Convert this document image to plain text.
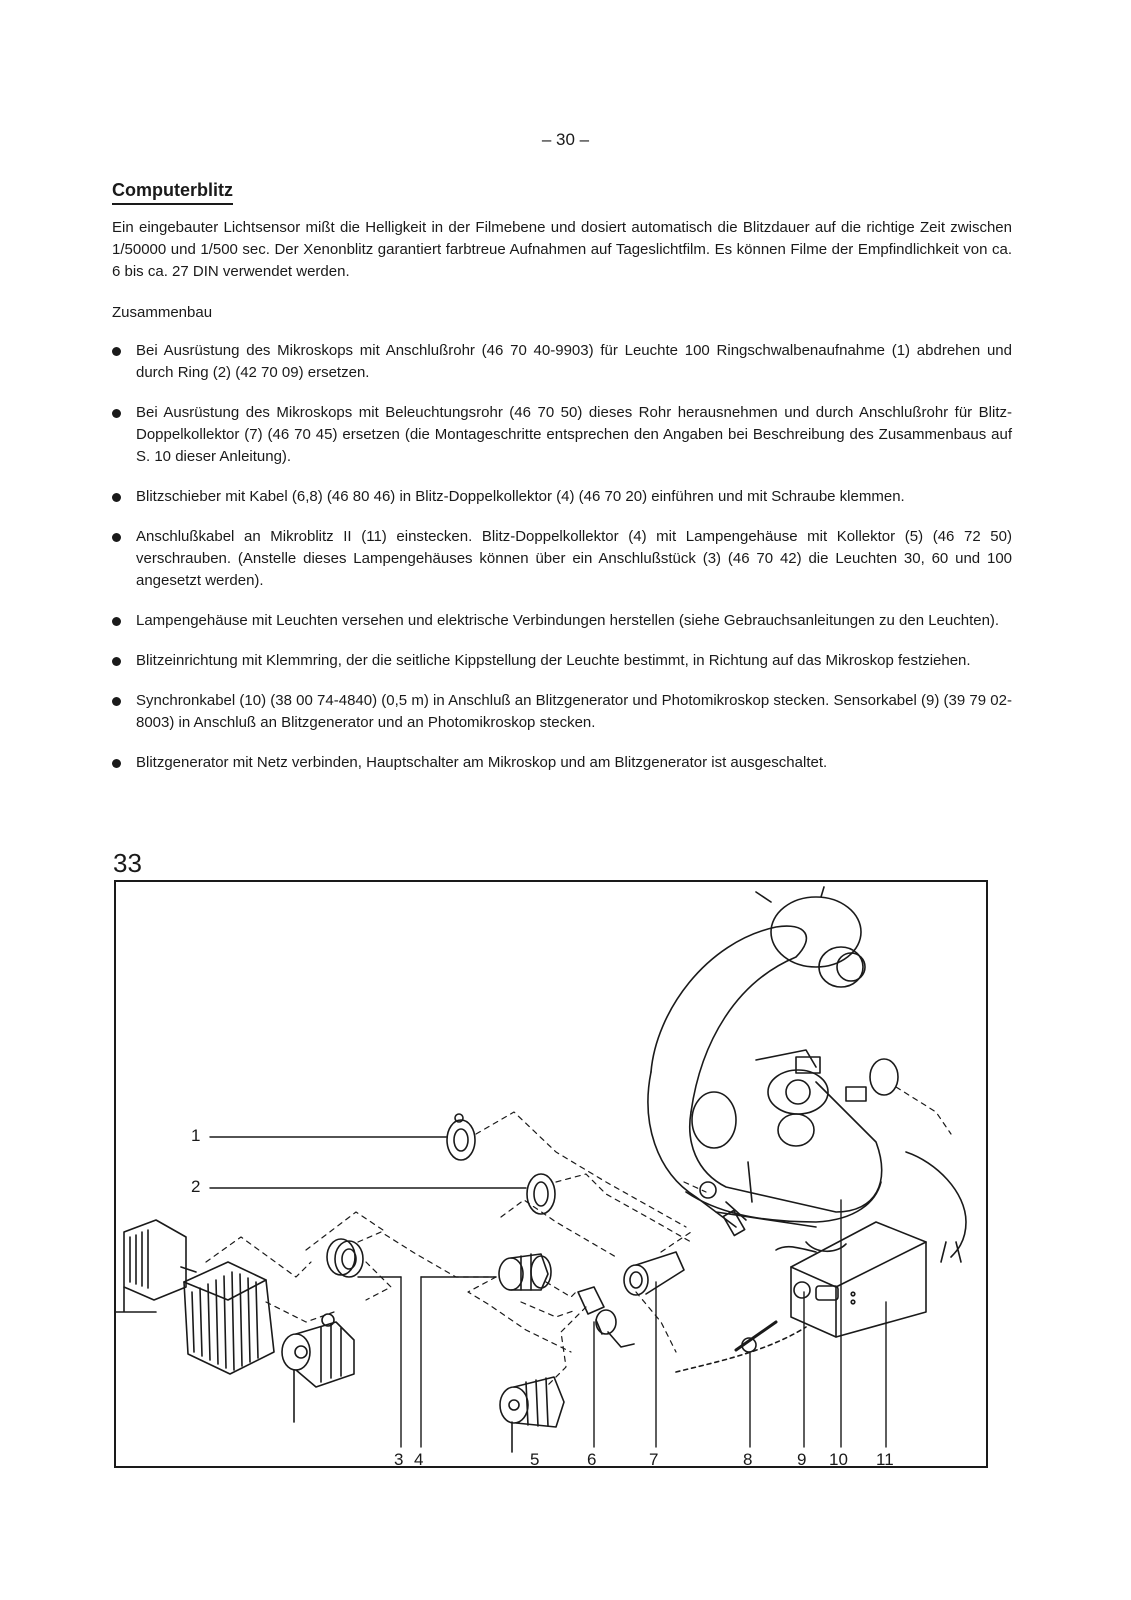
– 30 –
Computerblitz
Ein eingebauter Lichtsensor mißt die Helligkeit in der Filmebene und dosiert automatisch die Blitzdauer auf die richtige Zeit zwischen 1/50000 und 1/500 sec. Der Xenonblitz garantiert farbtreue Aufnahmen auf Tageslichtfilm. Es können Filme der Empfindlichkeit von ca. 6 bis ca. 27 DIN verwendet werden.
Zusammenbau
Bei Ausrüstung des Mikroskops mit Anschlußrohr (46 70 40-9903) für Leuchte 100 Ringschwalbenaufnahme (1) abdrehen und durch Ring (2) (42 70 09) ersetzen.
Bei Ausrüstung des Mikroskops mit Beleuchtungsrohr (46 70 50) dieses Rohr herausnehmen und durch Anschlußrohr für Blitz-Doppelkollektor (7) (46 70 45) ersetzen (die Montageschritte entsprechen den Angaben bei Beschreibung des Zusammenbaus auf S. 10 dieser Anleitung).
Blitzschieber mit Kabel (6,8) (46 80 46) in Blitz-Doppelkollektor (4) (46 70 20) einführen und mit Schraube klemmen.
Anschlußkabel an Mikroblitz II (11) einstecken. Blitz-Doppelkollektor (4) mit Lampengehäuse mit Kollektor (5) (46 72 50) verschrauben. (Anstelle dieses Lampengehäuses können über ein Anschlußstück (3) (46 70 42) die Leuchten 30, 60 und 100 angesetzt werden).
Lampengehäuse mit Leuchten versehen und elektrische Verbindungen herstellen (siehe Gebrauchsanleitungen zu den Leuchten).
Blitzeinrichtung mit Klemmring, der die seitliche Kippstellung der Leuchte bestimmt, in Richtung auf das Mikroskop festziehen.
Synchronkabel (10) (38 00 74-4840) (0,5 m) in Anschluß an Blitzgenerator und Photomikroskop stecken. Sensorkabel (9) (39 79 02-8003) in Anschluß an Blitzgenerator und an Photomikroskop stecken.
Blitzgenerator mit Netz verbinden, Hauptschalter am Mikroskop und am Blitzgenerator ist ausgeschaltet.
33
1
2
3 4	5	6	7	8	9 10 11
